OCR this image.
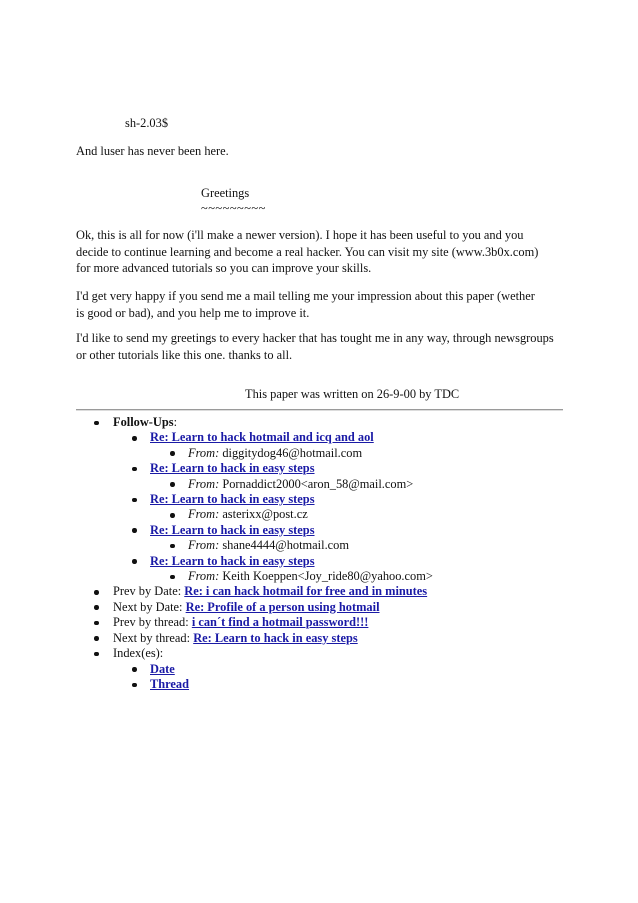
sh-2.03$
And luser has never been here.
Greetings
~~~~~~~~~
Ok, this is all for now (i'll make a newer version). I hope it has been useful to you and you
decide to continue learning and become a real hacker. You can visit my site (www.3b0x.com)
for more advanced tutorials so you can improve your skills.
I'd get very happy if you send me a mail telling me your impression about this paper (wether
is good or bad), and you help me to improve it.
I'd like to send my greetings to every hacker that has tought me in any way, through newsgroups
or other tutorials like this one. thanks to all.
This paper was written on 26-9-00 by TDC
Follow-Ups:
Re: Learn to hack hotmail and icq and aol
From: diggitydog46@hotmail.com
Re: Learn to hack in easy steps
From: Pornaddict2000<aron_58@mail.com>
Re: Learn to hack in easy steps
From: asterixx@post.cz
Re: Learn to hack in easy steps
From: shane4444@hotmail.com
Re: Learn to hack in easy steps
From: Keith Koeppen<Joy_ride80@yahoo.com>
Prev by Date: Re: i can hack hotmail for free and in minutes
Next by Date: Re: Profile of a person using hotmail
Prev by thread: i can´t find a hotmail password!!!
Next by thread: Re: Learn to hack in easy steps
Index(es):
Date
Thread
